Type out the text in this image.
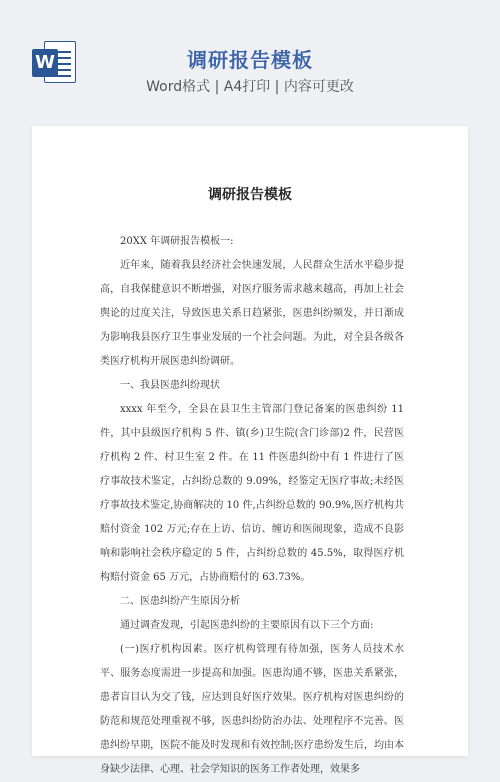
W	调研报告模板
Word格式 | A4打印 | 内容可更改
调研报告模板

20XX 年调研报告模板一:

近年来，随着我县经济社会快速发展，人民群众生活水平稳步提高，自我保健意识不断增强，对医疗服务需求越来越高，再加上社会舆论的过度关注，导致医患关系日趋紧张，医患纠纷频发，并日渐成为影响我县医疗卫生事业发展的一个社会问题。为此，对全县各级各类医疗机构开展医患纠纷调研。

一、我县医患纠纷现状

xxxx 年至今，全县在县卫生主管部门登记备案的医患纠纷 11 件，其中县级医疗机构 5 件、镇(乡)卫生院(含门诊部)2 件，民营医疗机构 2 件、村卫生室 2 件。在 11 件医患纠纷中有 1 件进行了医疗事故技术鉴定，占纠纷总数的 9.09%，经鉴定无医疗事故;未经医疗事故技术鉴定,协商解决的 10 件,占纠纷总数的 90.9%,医疗机构共赔付资金 102 万元;存在上访、信访、缠访和医闹现象，造成不良影响和影响社会秩序稳定的 5 件，占纠纷总数的 45.5%，取得医疗机构赔付资金 65 万元，占协商赔付的 63.73%。

二、医患纠纷产生原因分析

通过调查发现，引起医患纠纷的主要原因有以下三个方面:

(一)医疗机构因素。医疗机构管理有待加强，医务人员技术水平、服务态度需进一步提高和加强。医患沟通不够，医患关系紧张，患者盲目认为交了钱，应达到良好医疗效果。医疗机构对医患纠纷的防范和规范处理重视不够，医患纠纷防治办法、处理程序不完善。医患纠纷早期，医院不能及时发现和有效控制;医疗患纷发生后，均由本身缺少法律、心理、社会学知识的医务工作者处理，效果多
